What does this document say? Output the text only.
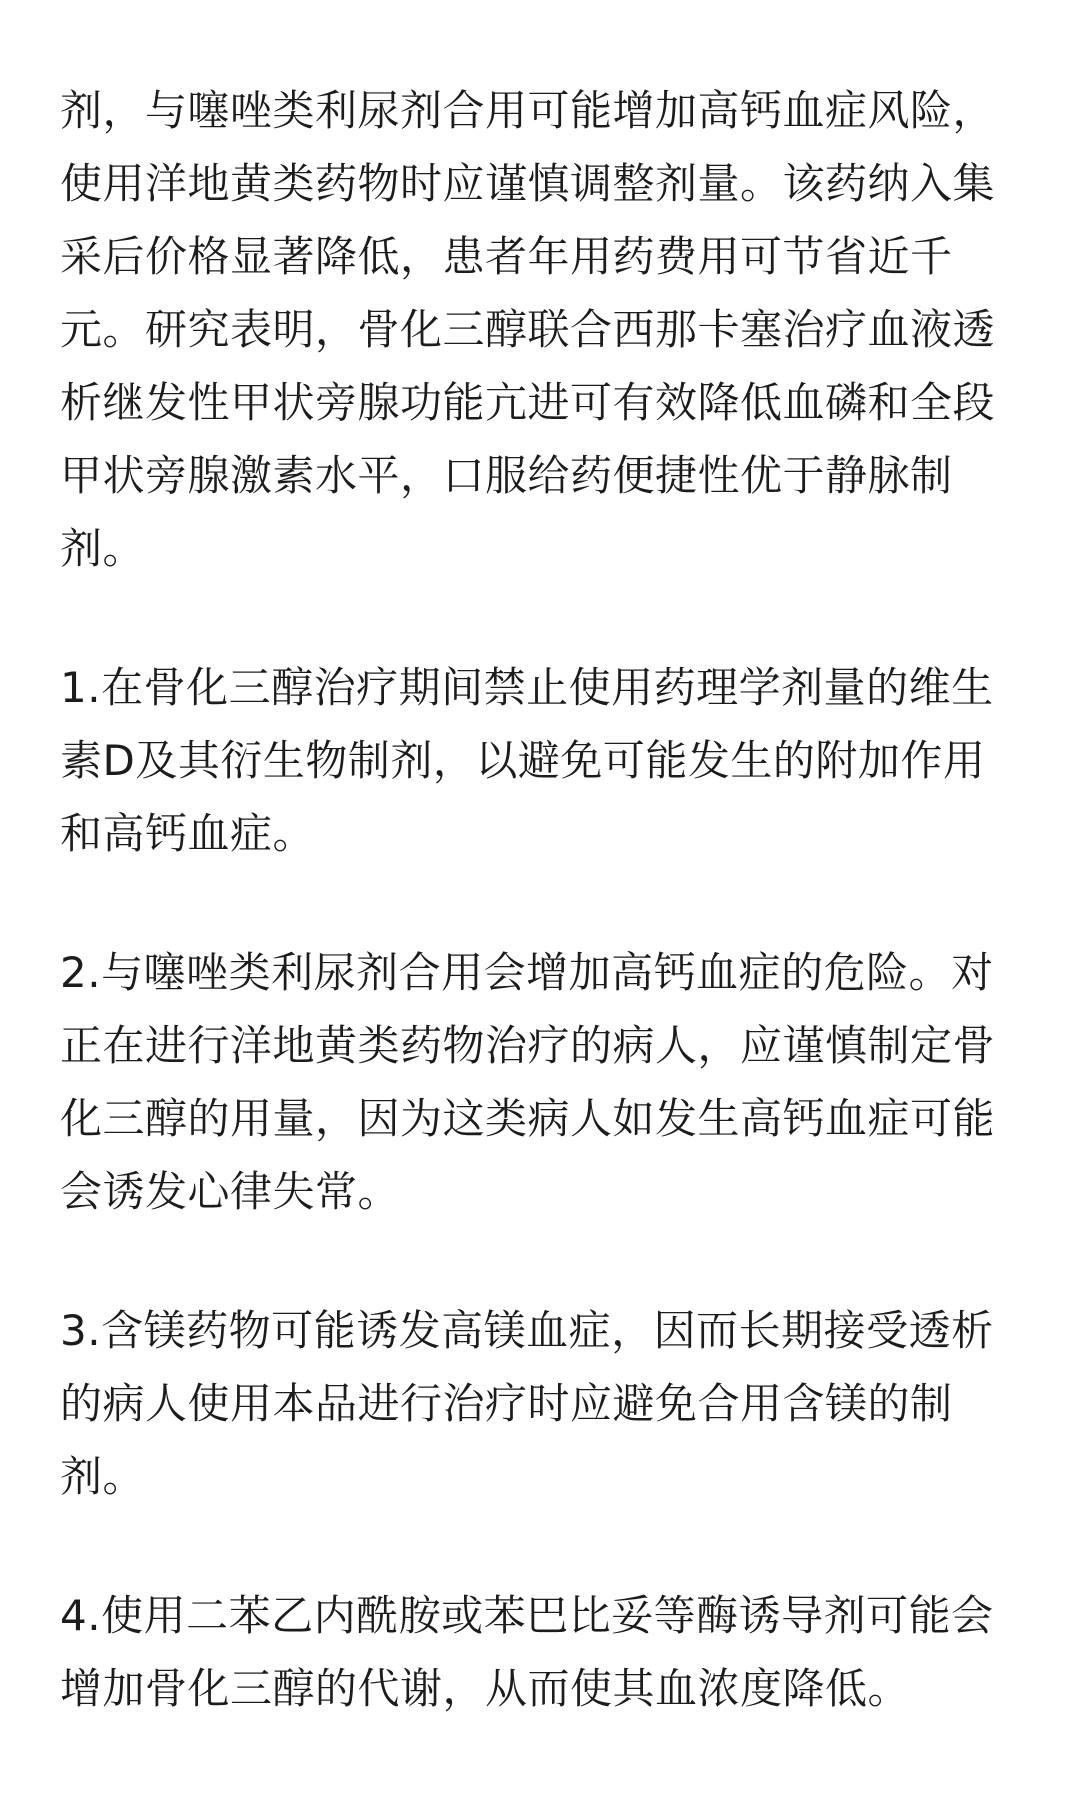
剂，与噻唑类利尿剂合用可能增加高钙血症风险，使用洋地黄类药物时应谨慎调整剂量。该药纳入集采后价格显著降低，患者年用药费用可节省近千元。研究表明，骨化三醇联合西那卡塞治疗血液透析继发性甲状旁腺功能亢进可有效降低血磷和全段甲状旁腺激素水平，口服给药便捷性优于静脉制剂。

1.在骨化三醇治疗期间禁止使用药理学剂量的维生素D及其衍生物制剂，以避免可能发生的附加作用和高钙血症。

2.与噻唑类利尿剂合用会增加高钙血症的危险。对正在进行洋地黄类药物治疗的病人，应谨慎制定骨化三醇的用量，因为这类病人如发生高钙血症可能会诱发心律失常。

3.含镁药物可能诱发高镁血症，因而长期接受透析的病人使用本品进行治疗时应避免合用含镁的制剂。

4.使用二苯乙内酰胺或苯巴比妥等酶诱导剂可能会增加骨化三醇的代谢，从而使其血浓度降低。
